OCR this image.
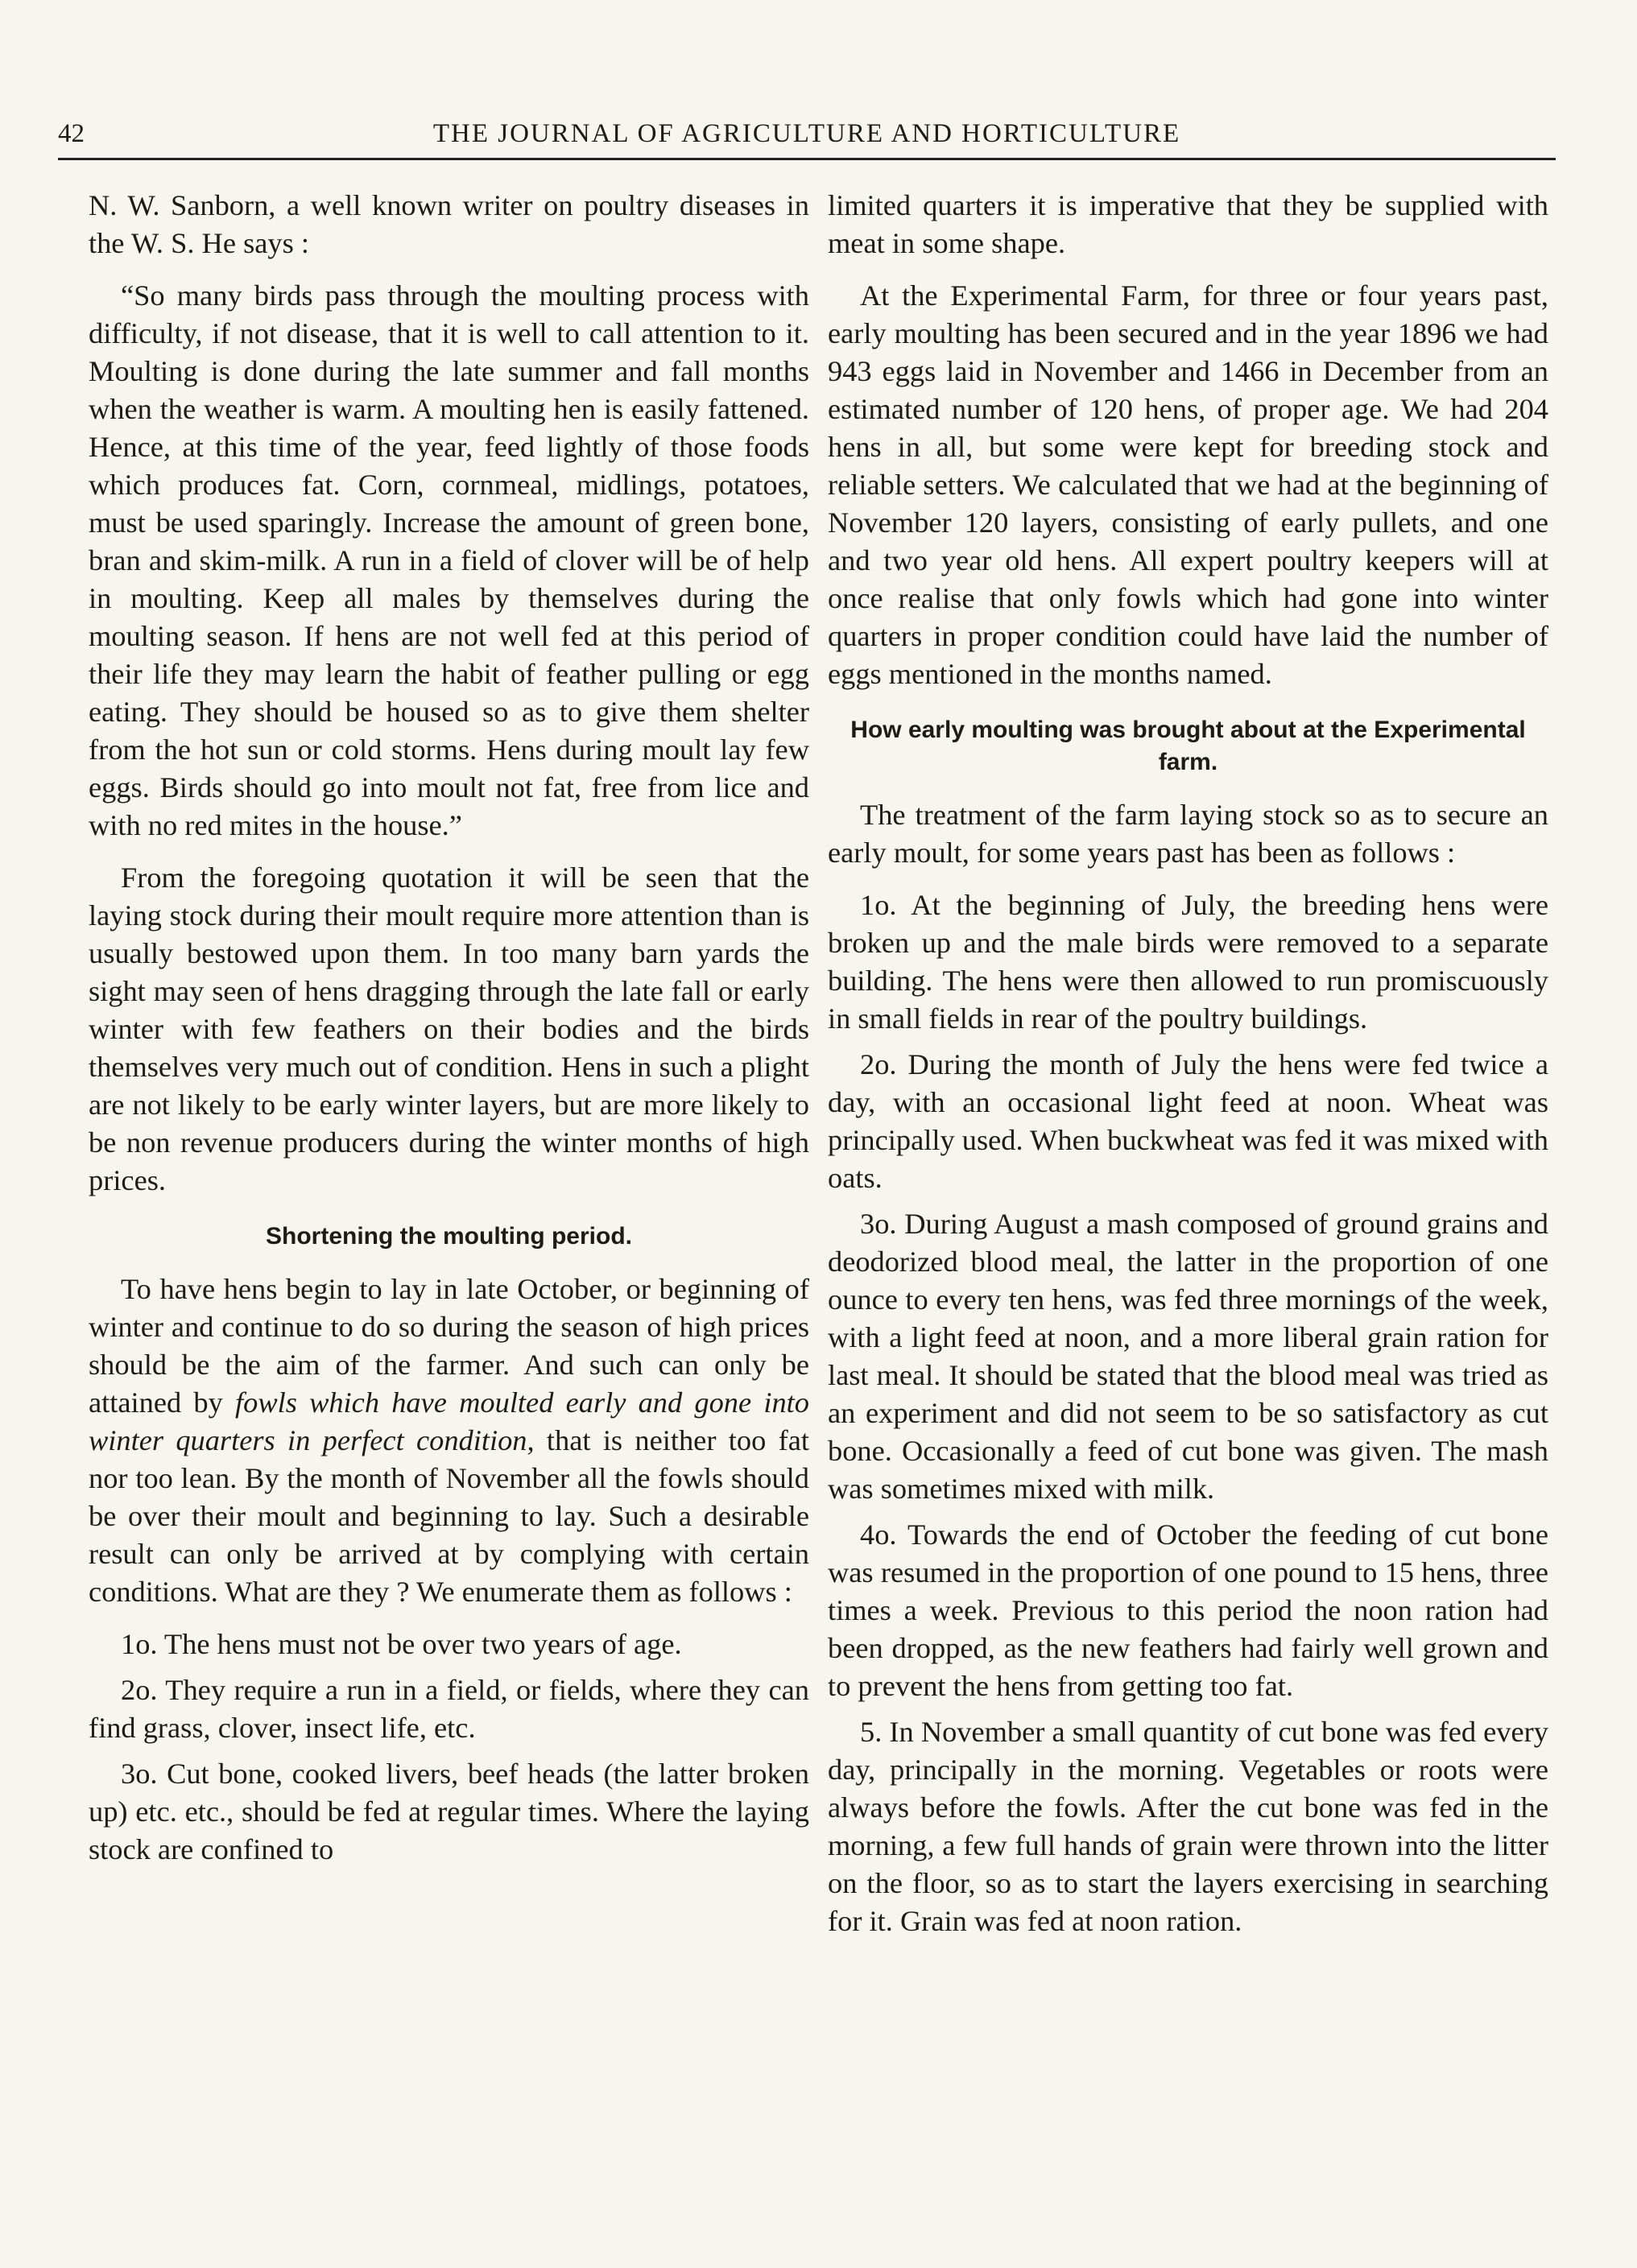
42	THE JOURNAL OF AGRICULTURE AND HORTICULTURE

N. W. Sanborn, a well known writer on poultry diseases in the W. S. He says :

“So many birds pass through the moulting process with difficulty, if not disease, that it is well to call attention to it. Moulting is done during the late summer and fall months when the weather is warm. A moulting hen is easily fattened. Hence, at this time of the year, feed lightly of those foods which produces fat. Corn, cornmeal, midlings, potatoes, must be used sparingly. Increase the amount of green bone, bran and skim-milk. A run in a field of clover will be of help in moulting. Keep all males by themselves during the moulting season. If hens are not well fed at this period of their life they may learn the habit of feather pulling or egg eating. They should be housed so as to give them shelter from the hot sun or cold storms. Hens during moult lay few eggs. Birds should go into moult not fat, free from lice and with no red mites in the house.”

From the foregoing quotation it will be seen that the laying stock during their moult require more attention than is usually bestowed upon them. In too many barn yards the sight may seen of hens dragging through the late fall or early winter with few feathers on their bodies and the birds themselves very much out of condition. Hens in such a plight are not likely to be early winter layers, but are more likely to be non revenue producers during the winter months of high prices.

Shortening the moulting period.

To have hens begin to lay in late October, or beginning of winter and continue to do so during the season of high prices should be the aim of the farmer. And such can only be attained by fowls which have moulted early and gone into winter quarters in perfect condition, that is neither too fat nor too lean. By the month of November all the fowls should be over their moult and beginning to lay. Such a desirable result can only be arrived at by complying with certain conditions. What are they ? We enumerate them as follows :

1o. The hens must not be over two years of age.

2o. They require a run in a field, or fields, where they can find grass, clover, insect life, etc.

3o. Cut bone, cooked livers, beef heads (the latter broken up) etc. etc., should be fed at regular times. Where the laying stock are confined to

limited quarters it is imperative that they be supplied with meat in some shape.

At the Experimental Farm, for three or four years past, early moulting has been secured and in the year 1896 we had 943 eggs laid in November and 1466 in December from an estimated number of 120 hens, of proper age. We had 204 hens in all, but some were kept for breeding stock and reliable setters. We calculated that we had at the beginning of November 120 layers, consisting of early pullets, and one and two year old hens. All expert poultry keepers will at once realise that only fowls which had gone into winter quarters in proper condition could have laid the number of eggs mentioned in the months named.

How early moulting was brought about at the Experimental farm.

The treatment of the farm laying stock so as to secure an early moult, for some years past has been as follows :

1o. At the beginning of July, the breeding hens were broken up and the male birds were removed to a separate building. The hens were then allowed to run promiscuously in small fields in rear of the poultry buildings.

2o. During the month of July the hens were fed twice a day, with an occasional light feed at noon. Wheat was principally used. When buckwheat was fed it was mixed with oats.

3o. During August a mash composed of ground grains and deodorized blood meal, the latter in the proportion of one ounce to every ten hens, was fed three mornings of the week, with a light feed at noon, and a more liberal grain ration for last meal. It should be stated that the blood meal was tried as an experiment and did not seem to be so satisfactory as cut bone. Occasionally a feed of cut bone was given. The mash was sometimes mixed with milk.

4o. Towards the end of October the feeding of cut bone was resumed in the proportion of one pound to 15 hens, three times a week. Previous to this period the noon ration had been dropped, as the new feathers had fairly well grown and to prevent the hens from getting too fat.

5. In November a small quantity of cut bone was fed every day, principally in the morning. Vegetables or roots were always before the fowls. After the cut bone was fed in the morning, a few full hands of grain were thrown into the litter on the floor, so as to start the layers exercising in searching for it. Grain was fed at noon ration.
